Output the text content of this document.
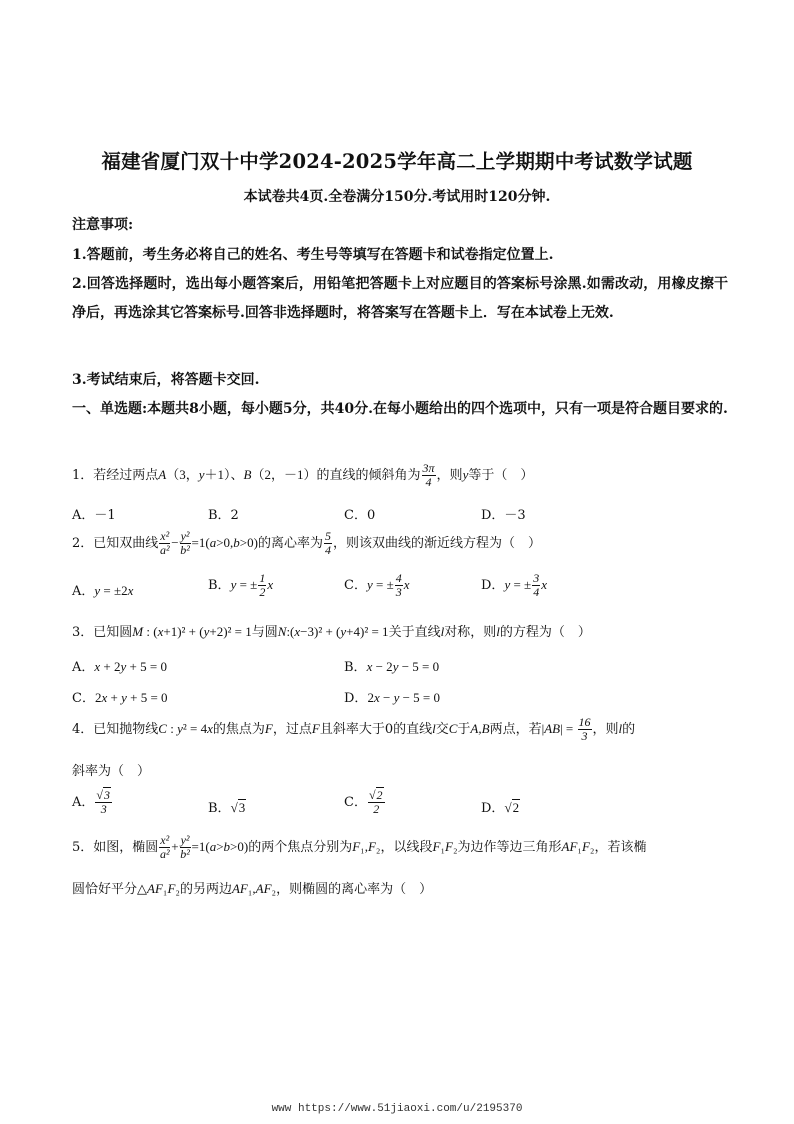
福建省厦门双十中学2024-2025学年高二上学期期中考试数学试题
本试卷共4页.全卷满分150分.考试用时120分钟.
注意事项:
1.答题前，考生务必将自己的姓名、考生号等填写在答题卡和试卷指定位置上.
2.回答选择题时，选出每小题答案后，用铅笔把答题卡上对应题目的答案标号涂黑.如需改动，用橡皮擦干净后，再选涂其它答案标号.回答非选择题时，将答案写在答题卡上．写在本试卷上无效.
3.考试结束后，将答题卡交回.
一、单选题:本题共8小题，每小题5分，共40分.在每小题给出的四个选项中，只有一项是符合题目要求的.
1．若经过两点A（3，y＋1）、B（2，－1）的直线的倾斜角为 $\frac{3\pi}{4}$ ，则y等于（　）
A．－1	B．2	C．0	D．－3
2．已知双曲线 $\frac{\text{x²}}{\text{a²}} - \frac{\text{y²}}{\text{b²}} =1(a>0,b>0)$的离心率为 $\frac{5}{4}$ ，则该双曲线的渐近线方程为（　）
A．y = ±2x	B．y = ± $\frac{1}{2}$ x	C．y = ± $\frac{4}{3}$ x	D．y = ± $\frac{3}{4}$ x
3．已知圆M : (x+1)² + (y+2)² = 1与圆N:(x−3)² + (y+4)² = 1关于直线l对称，则l的方程为（　）
A．x + 2y + 5 = 0	B．x − 2y − 5 = 0
C．2x + y + 5 = 0	D．2x − y − 5 = 0
4．已知抛物线C : y² = 4x的焦点为F，过点F且斜率大于0的直线l交C于A,B两点，若$|AB| = \frac{16}{3}$ ，则l的
斜率为（　）
A． $\frac{√3}{3}$	B．√3	C． $\frac{√2}{2}$	D．√2
5．如图，椭圆 $\frac{\text{x²}}{\text{a²}} + \frac{\text{y²}}{\text{b²}} =1(a>b>0)$的两个焦点分别为F₁,F₂，以线段F₁F₂为边作等边三角形AF₁F₂，若该椭
圆恰好平分△AF₁F₂的另两边AF₁,AF₂，则椭圆的离心率为（　）
www https://www.51jiaoxi.com/u/2195370
